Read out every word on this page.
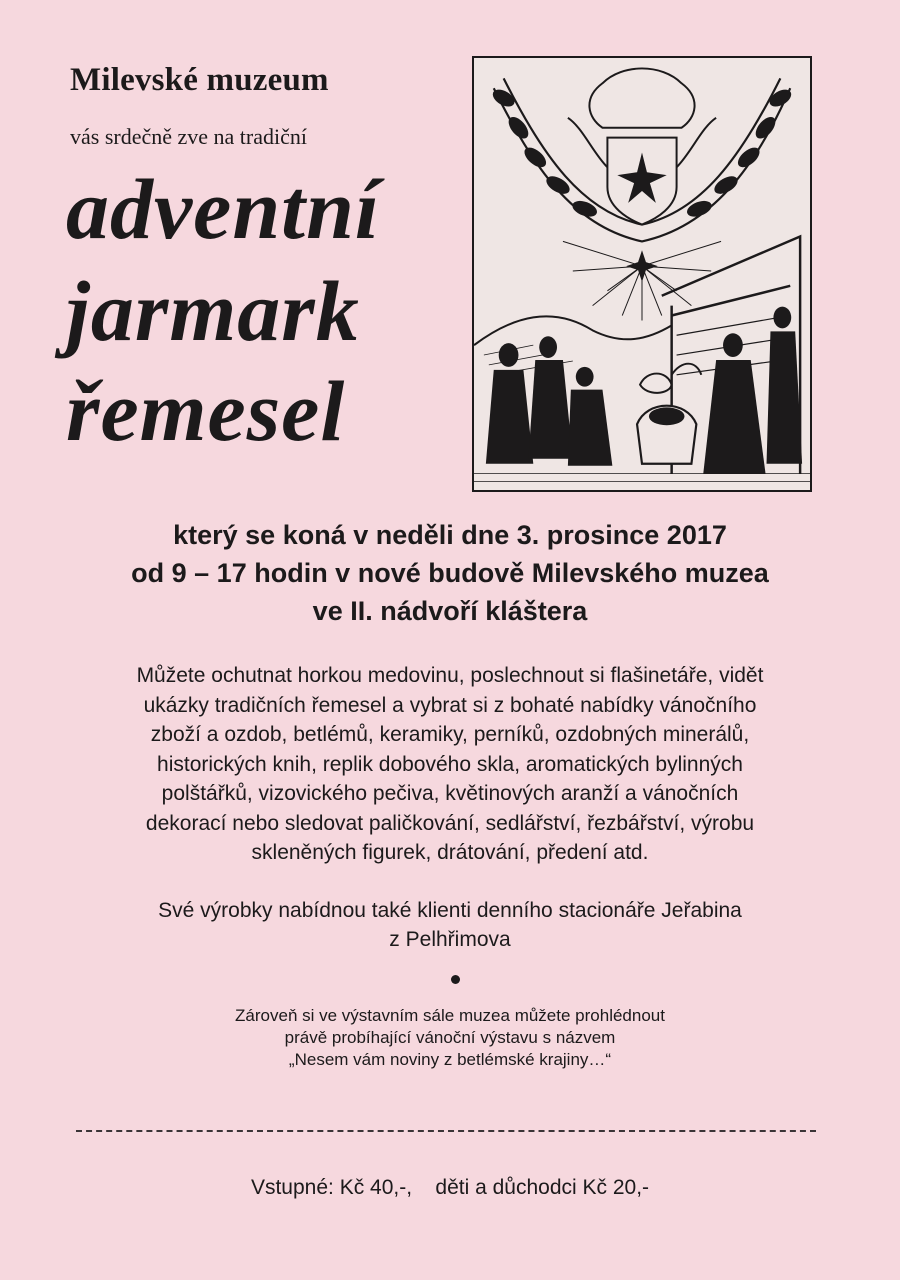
Milevské muzeum
vás srdečně zve na tradiční
adventní
jarmark
řemesel
který se koná v neděli dne 3. prosince 2017
od 9 – 17 hodin v nové budově Milevského muzea
ve II. nádvoří kláštera
Můžete ochutnat horkou medovinu, poslechnout si flašinetáře, vidět
ukázky tradičních řemesel a vybrat si z bohaté nabídky vánočního
zboží a ozdob, betlémů, keramiky, perníků, ozdobných minerálů,
historických knih, replik dobového skla, aromatických bylinných
polštářků, vizovického pečiva, květinových aranží a vánočních
dekorací nebo sledovat paličkování, sedlářství, řezbářství, výrobu
skleněných figurek, drátování, předení atd.
Své výrobky nabídnou také klienti denního stacionáře Jeřabina
z Pelhřimova
Zároveň si ve výstavním sále muzea můžete prohlédnout
právě probíhající vánoční výstavu s názvem
„Nesem vám noviny z betlémské krajiny…“
Vstupné: Kč 40,-,    děti a důchodci Kč 20,-
